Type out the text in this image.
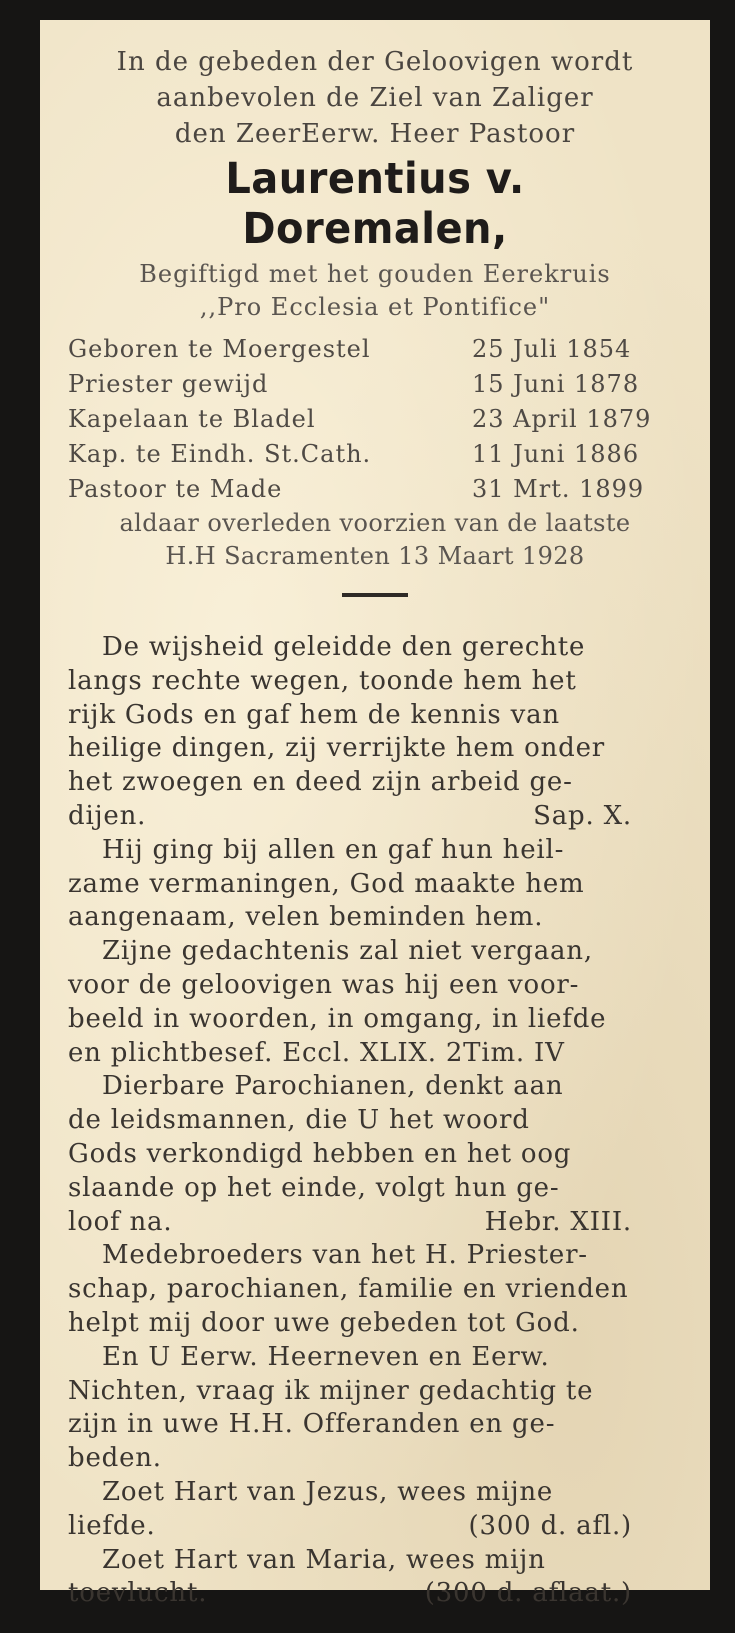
In de gebeden der Geloovigen wordt
aanbevolen de Ziel van Zaliger
den ZeerEerw. Heer Pastoor
Laurentius v. Doremalen,
Begiftigd met het gouden Eerekruis
,,Pro Ecclesia et Pontifice"
Geboren te Moergestel	25 Juli 1854
Priester gewijd	15 Juni 1878
Kapelaan te Bladel	23 April 1879
Kap. te Eindh. St.Cath.	11 Juni 1886
Pastoor te Made	31 Mrt. 1899
aldaar overleden voorzien van de laatste
H.H Sacramenten 13 Maart 1928
De wijsheid geleidde den gerechte
langs rechte wegen, toonde hem het
rijk Gods en gaf hem de kennis van
heilige dingen, zij verrijkte hem onder
het zwoegen en deed zijn arbeid ge-
dijen.	Sap. X.
Hij ging bij allen en gaf hun heil-
zame vermaningen, God maakte hem
aangenaam, velen beminden hem.
Zijne gedachtenis zal niet vergaan,
voor de geloovigen was hij een voor-
beeld in woorden, in omgang, in liefde
en plichtbesef. Eccl. XLIX. 2Tim. IV
Dierbare Parochianen, denkt aan
de leidsmannen, die U het woord
Gods verkondigd hebben en het oog
slaande op het einde, volgt hun ge-
loof na.	Hebr. XIII.
Medebroeders van het H. Priester-
schap, parochianen, familie en vrienden
helpt mij door uwe gebeden tot God.
En U Eerw. Heerneven en Eerw.
Nichten, vraag ik mijner gedachtig te
zijn in uwe H.H. Offeranden en ge-
beden.
Zoet Hart van Jezus, wees mijne
liefde.	(300 d. afl.)
Zoet Hart van Maria, wees mijn
toevlucht.	(300 d. aflaat.)
